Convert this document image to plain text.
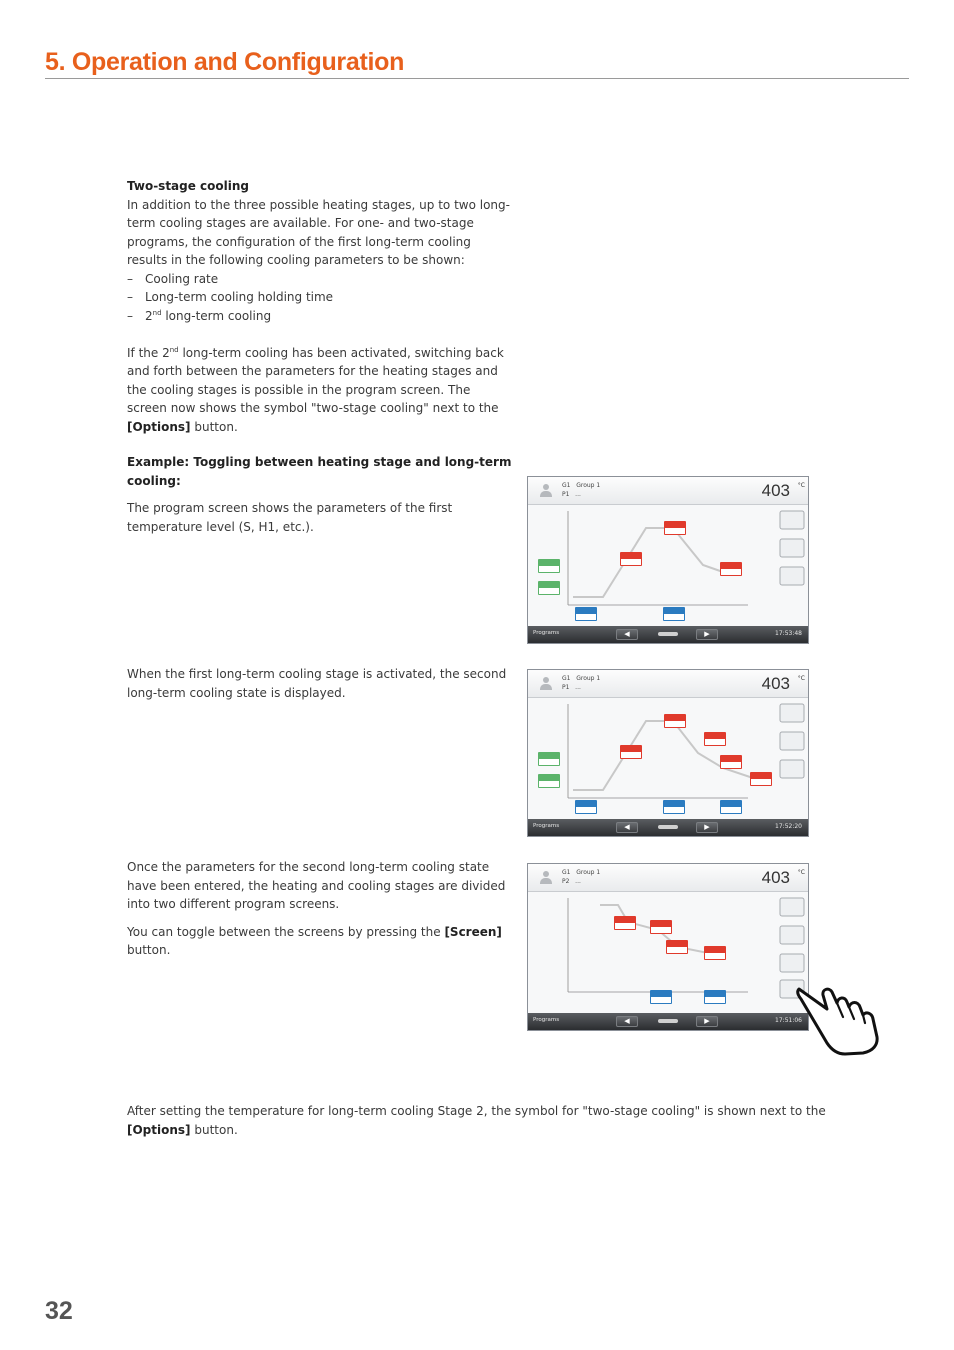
5. Operation and Configuration

Two-stage cooling

In addition to the three possible heating stages, up to two long-term cooling stages are available. For one- and two-stage programs, the configuration of the first long-term cooling results in the following cooling parameters to be shown:

–	Cooling rate
–	Long-term cooling holding time
–	2nd long-term cooling

If the 2nd long-term cooling has been activated, switching back and forth between the parameters for the heating stages and the cooling stages is possible in the program screen. The screen now shows the symbol "two-stage cooling" next to the [Options] button.

Example: Toggling between heating stage and long-term cooling:

The program screen shows the parameters of the first temperature level (S, H1, etc.).

When the first long-term cooling stage is activated, the second long-term cooling state is displayed.

Once the parameters for the second long-term cooling state have been entered, the heating and cooling stages are divided into two different program screens.

You can toggle between the screens by pressing the [Screen] button.

After setting the temperature for long-term cooling Stage 2, the symbol for "two-stage cooling" is shown next to the [Options] button.

G1 Group 1
P1 ...	403 °C
Programs	◀	▶	17:53:48
G1 Group 1
P1 ...	403 °C
Programs	◀	▶	17:52:20
G1 Group 1
P2 ...	403 °C
Programs	◀	▶	17:51:06
32
